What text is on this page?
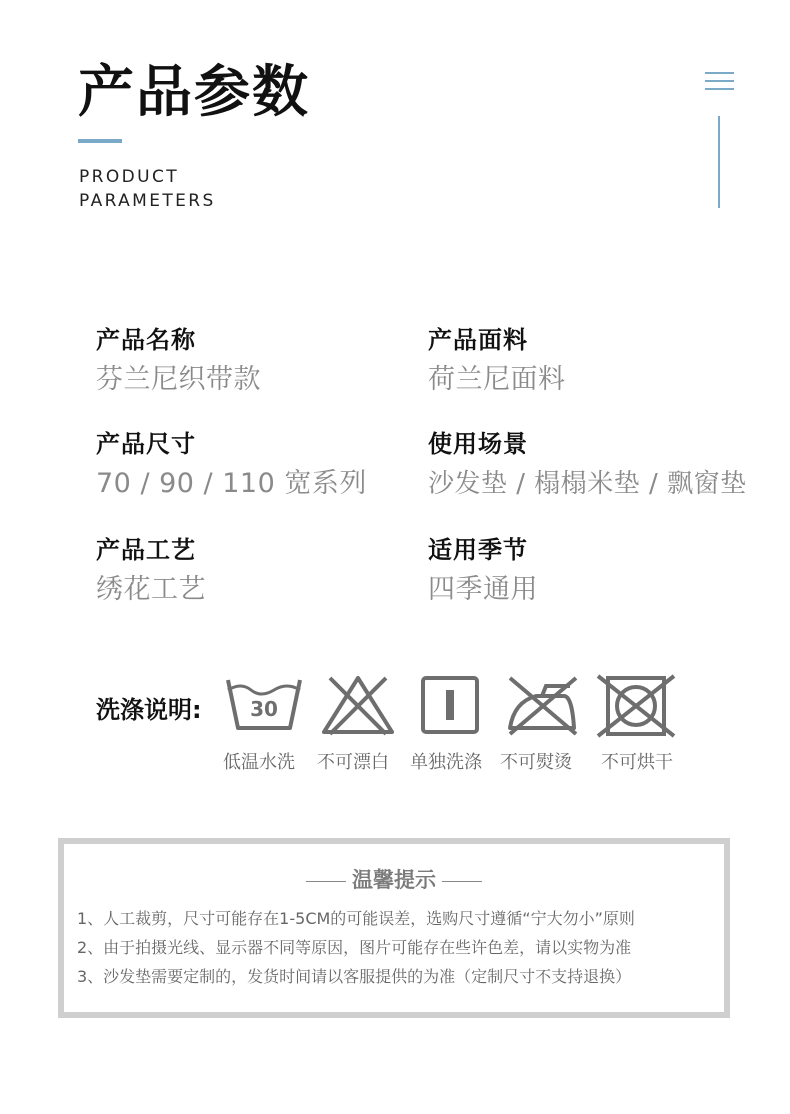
产品参数
PRODUCT
PARAMETERS
产品名称
芬兰尼织带款
产品面料
荷兰尼面料
产品尺寸
70 / 90 / 110 宽系列
使用场景
沙发垫 / 榻榻米垫 / 飘窗垫
产品工艺
绣花工艺
适用季节
四季通用
洗涤说明: 30
低温水洗 不可漂白 单独洗涤 不可熨烫 不可烘干
温馨提示
1、人工裁剪，尺寸可能存在1-5CM的可能误差，选购尺寸遵循“宁大勿小”原则
2、由于拍摄光线、显示器不同等原因，图片可能存在些许色差，请以实物为准
3、沙发垫需要定制的，发货时间请以客服提供的为准（定制尺寸不支持退换）
